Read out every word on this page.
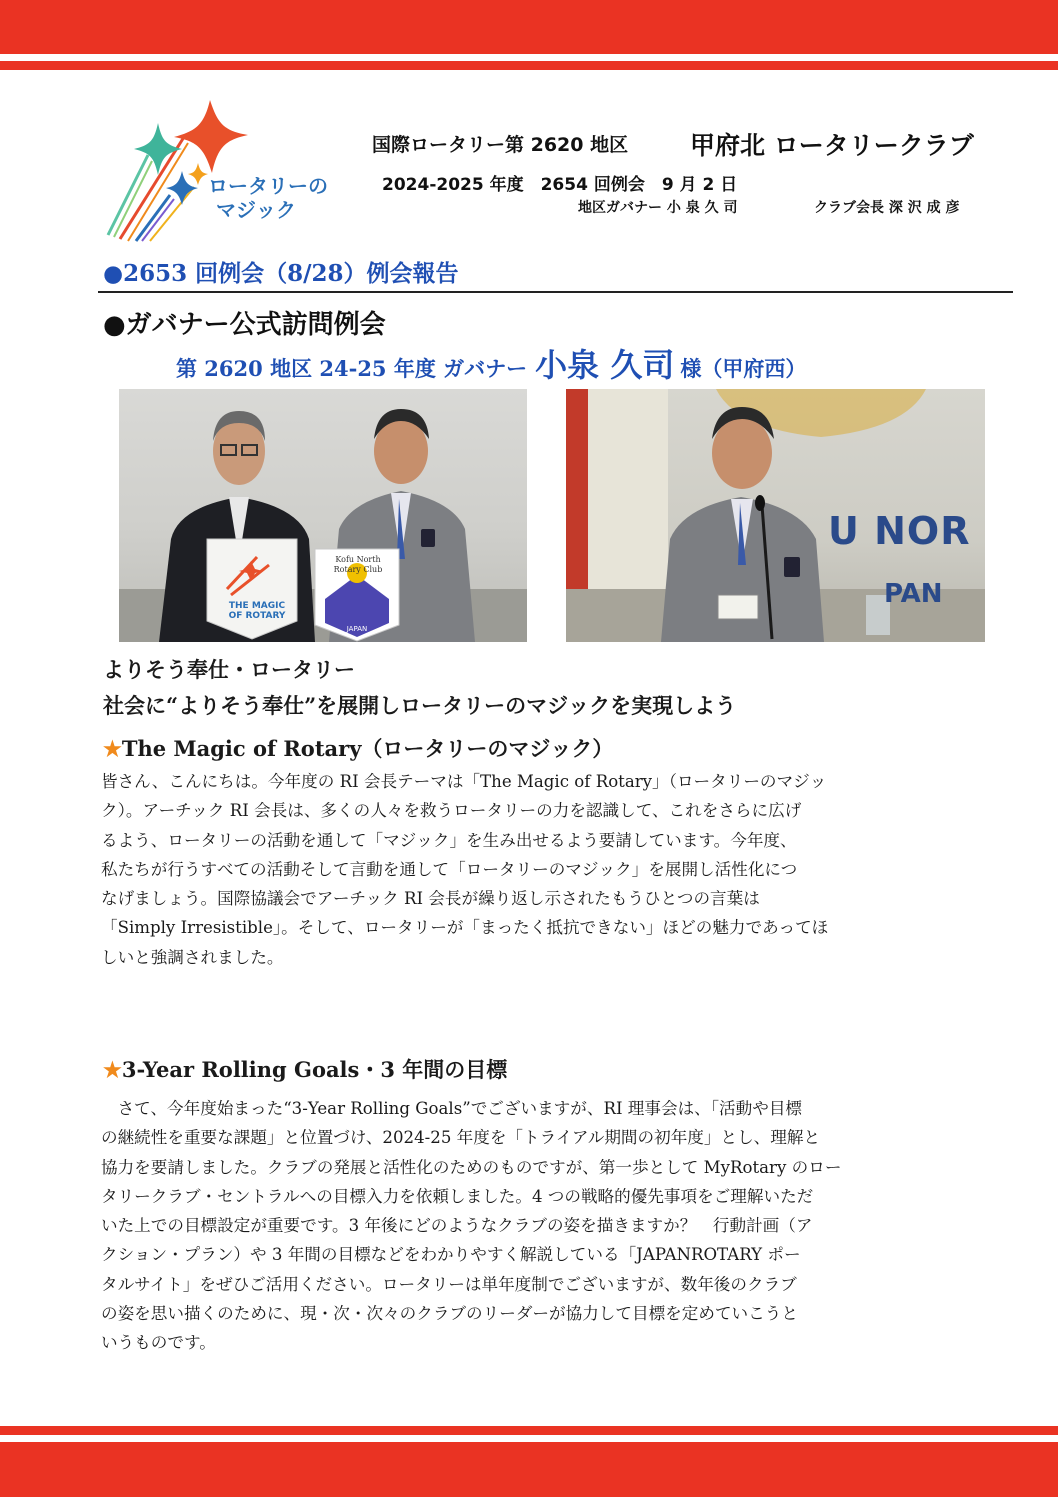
ロータリーの
マジック
国際ロータリー第 2620 地区 甲府北 ロータリークラブ
2024-2025 年度　2654 回例会　9 月 2 日
地区ガバナー 小 泉 久 司	クラブ会長 深 沢 成 彦
●2653 回例会（8/28）例会報告
●ガバナー公式訪問例会
第 2620 地区 24-25 年度 ガバナー 小泉 久司 様（甲府西）
THE MAGIC
OF ROTARY
Kofu North
Rotary Club
JAPAN
U NOR
PAN
よりそう奉仕・ロータリー
社会に“よりそう奉仕”を展開しロータリーのマジックを実現しよう
★The Magic of Rotary（ロータリーのマジック）
皆さん、こんにちは。今年度の RI 会長テーマは「The Magic of Rotary」（ロータリーのマジッ
ク）。アーチック RI 会長は、多くの人々を救うロータリーの力を認識して、これをさらに広げ
るよう、ロータリーの活動を通して「マジック」を生み出せるよう要請しています。今年度、
私たちが行うすべての活動そして言動を通して「ロータリーのマジック」を展開し活性化につ
なげましょう。国際協議会でアーチック RI 会長が繰り返し示されたもうひとつの言葉は
「Simply Irresistible」。そして、ロータリーが「まったく抵抗できない」ほどの魅力であってほ
しいと強調されました。
★3-Year Rolling Goals・3 年間の目標
　さて、今年度始まった“3-Year Rolling Goals”でございますが、RI 理事会は、「活動や目標
の継続性を重要な課題」と位置づけ、2024-25 年度を「トライアル期間の初年度」とし、理解と
協力を要請しました。クラブの発展と活性化のためのものですが、第一歩として MyRotary のロー
タリークラブ・セントラルへの目標入力を依頼しました。4 つの戦略的優先事項をご理解いただ
いた上での目標設定が重要です。3 年後にどのようなクラブの姿を描きますか？　行動計画（ア
クション・プラン）や 3 年間の目標などをわかりやすく解説している「JAPANROTARY ポー
タルサイト」をぜひご活用ください。ロータリーは単年度制でございますが、数年後のクラブ
の姿を思い描くのために、現・次・次々のクラブのリーダーが協力して目標を定めていこうと
いうものです。
